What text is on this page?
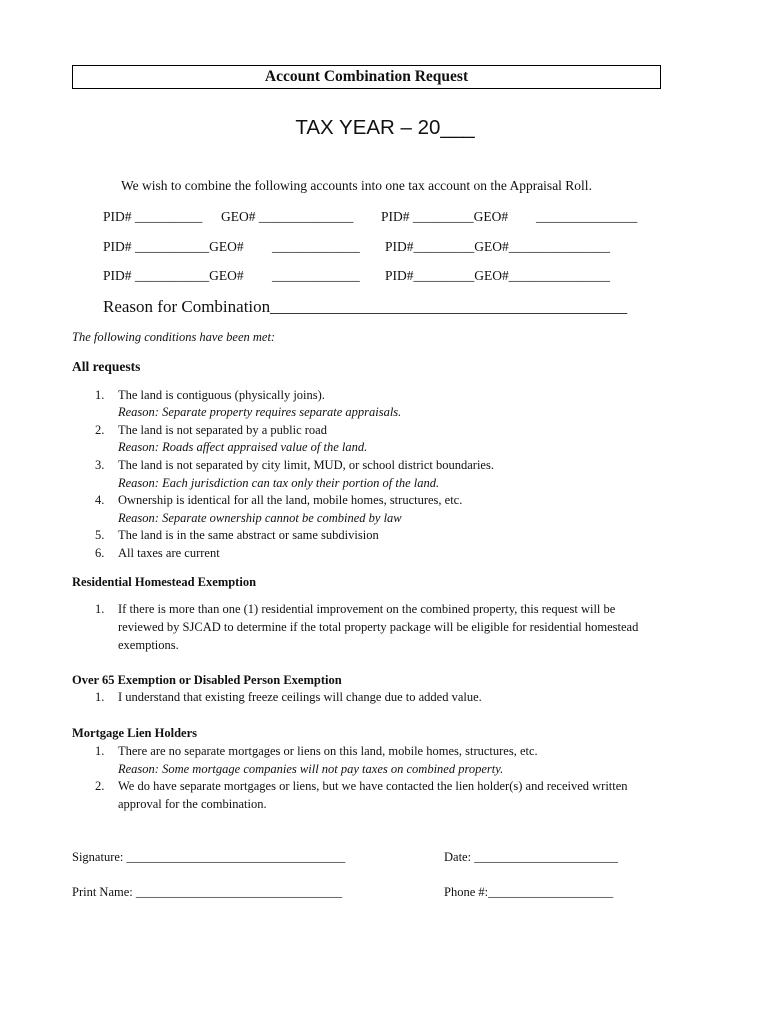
Account Combination Request
TAX YEAR – 20___
We wish to combine the following accounts into one tax account on the Appraisal Roll.
PID# __________ GEO# ______________ PID# _________GEO# _______________
PID# ___________GEO# _____________ PID#_________GEO#_______________
PID# ___________GEO# _____________ PID#_________GEO#_______________
Reason for Combination__________________________________________
The following conditions have been met:
All requests
1. The land is contiguous (physically joins).
Reason: Separate property requires separate appraisals.
2. The land is not separated by a public road
Reason: Roads affect appraised value of the land.
3. The land is not separated by city limit, MUD, or school district boundaries.
Reason: Each jurisdiction can tax only their portion of the land.
4. Ownership is identical for all the land, mobile homes, structures, etc.
Reason: Separate ownership cannot be combined by law
5. The land is in the same abstract or same subdivision
6. All taxes are current
Residential Homestead Exemption
1. If there is more than one (1) residential improvement on the combined property, this request will be
reviewed by SJCAD to determine if the total property package will be eligible for residential homestead
exemptions.
Over 65 Exemption or Disabled Person Exemption
1. I understand that existing freeze ceilings will change due to added value.
Mortgage Lien Holders
1. There are no separate mortgages or liens on this land, mobile homes, structures, etc.
Reason: Some mortgage companies will not pay taxes on combined property.
2. We do have separate mortgages or liens, but we have contacted the lien holder(s) and received written
approval for the combination.
Signature: ___________________________________	Date: _______________________
Print Name: _________________________________	Phone #:____________________
